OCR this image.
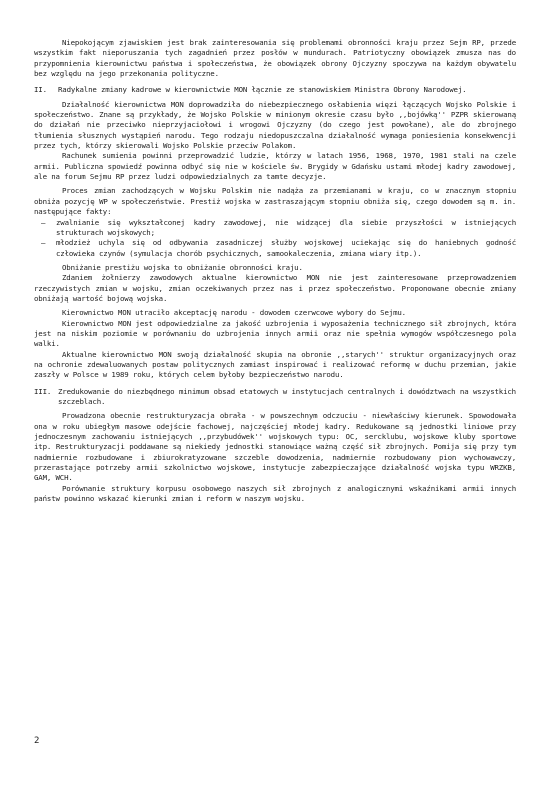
Niepokojącym zjawiskiem jest brak zainteresowania się problemami obronności kraju przez Sejm RP, przede wszystkim fakt nieporuszania tych zagadnień przez posłów w mundurach. Patriotyczny obowiązek zmusza nas do przypomnienia kierownictwu państwa i społeczeństwa, że obowiązek obrony Ojczyzny spoczywa na każdym obywatelu bez względu na jego przekonania polityczne.

II.	Radykalne zmiany kadrowe w kierownictwie MON łącznie ze stanowiskiem Ministra Obrony Narodowej.

Działalność kierownictwa MON doprowadziła do niebezpiecznego osłabienia więzi łączących Wojsko Polskie i społeczeństwo. Znane są przykłady, że Wojsko Polskie w minionym okresie czasu było ,,bojówką'' PZPR skierowaną do działań nie przeciwko nieprzyjaciołowi i wrogowi Ojczyzny (do czego jest powołane), ale do zbrojnego tłumienia słusznych wystąpień narodu. Tego rodzaju niedopuszczalna działalność wymaga poniesienia konsekwencji przez tych, którzy skierowali Wojsko Polskie przeciw Polakom.

Rachunek sumienia powinni przeprowadzić ludzie, którzy w latach 1956, 1968, 1970, 1981 stali na czele armii. Publiczna spowiedź powinna odbyć się nie w kościele św. Brygidy w Gdańsku ustami młodej kadry zawodowej, ale na forum Sejmu RP przez ludzi odpowiedzialnych za tamte decyzje.

Proces zmian zachodzących w Wojsku Polskim nie nadąża za przemianami w kraju, co w znacznym stopniu obniża pozycję WP w społeczeństwie. Prestiż wojska w zastraszającym stopniu obniża się, czego dowodem są m. in. następujące fakty:

– zwalnianie się wykształconej kadry zawodowej, nie widzącej dla siebie przyszłości w istniejących strukturach wojskowych;
– młodzież uchyla się od odbywania zasadniczej służby wojskowej uciekając się do haniebnych godność człowieka czynów (symulacja chorób psychicznych, samookaleczenia, zmiana wiary itp.).

Obniżanie prestiżu wojska to obniżanie obronności kraju.

Zdaniem żołnierzy zawodowych aktualne kierownictwo MON nie jest zainteresowane przeprowadzeniem rzeczywistych zmian w wojsku, zmian oczekiwanych przez nas i przez społeczeństwo. Proponowane obecnie zmiany obniżają wartość bojową wojska.

Kierownictwo MON utraciło akceptację narodu - dowodem czerwcowe wybory do Sejmu.

Kierownictwo MON jest odpowiedzialne za jakość uzbrojenia i wyposażenia technicznego sił zbrojnych, która jest na niskim poziomie w porównaniu do uzbrojenia innych armii oraz nie spełnia wymogów współczesnego pola walki.

Aktualne kierownictwo MON swoją działalność skupia na obronie ,,starych'' struktur organizacyjnych oraz na ochronie zdewaluowanych postaw politycznych zamiast inspirować i realizować reformę w duchu przemian, jakie zaszły w Polsce w 1989 roku, których celem byłoby bezpieczeństwo narodu.

III. Zredukowanie do niezbędnego minimum obsad etatowych w instytucjach centralnych i dowództwach na wszystkich szczeblach.

Prowadzona obecnie restrukturyzacja obrała - w powszechnym odczuciu - niewłaściwy kierunek. Spowodowała ona w roku ubiegłym masowe odejście fachowej, najczęściej młodej kadry. Redukowane są jednostki liniowe przy jednoczesnym zachowaniu istniejących ,,przybudówek'' wojskowych typu: OC, sercklubu, wojskowe kluby sportowe itp. Restrukturyzacji poddawane są niekiedy jednostki stanowiące ważną część sił zbrojnych. Pomija się przy tym nadmiernie rozbudowane i zbiurokratyzowane szczeble dowodzenia, nadmiernie rozbudowany pion wychowawczy, przerastające potrzeby armii szkolnictwo wojskowe, instytucje zabezpieczające działalność wojska typu WRZKB, GAM, WCH.

Porównanie struktury korpusu osobowego naszych sił zbrojnych z analogicznymi wskaźnikami armii innych państw powinno wskazać kierunki zmian i reform w naszym wojsku.

2
